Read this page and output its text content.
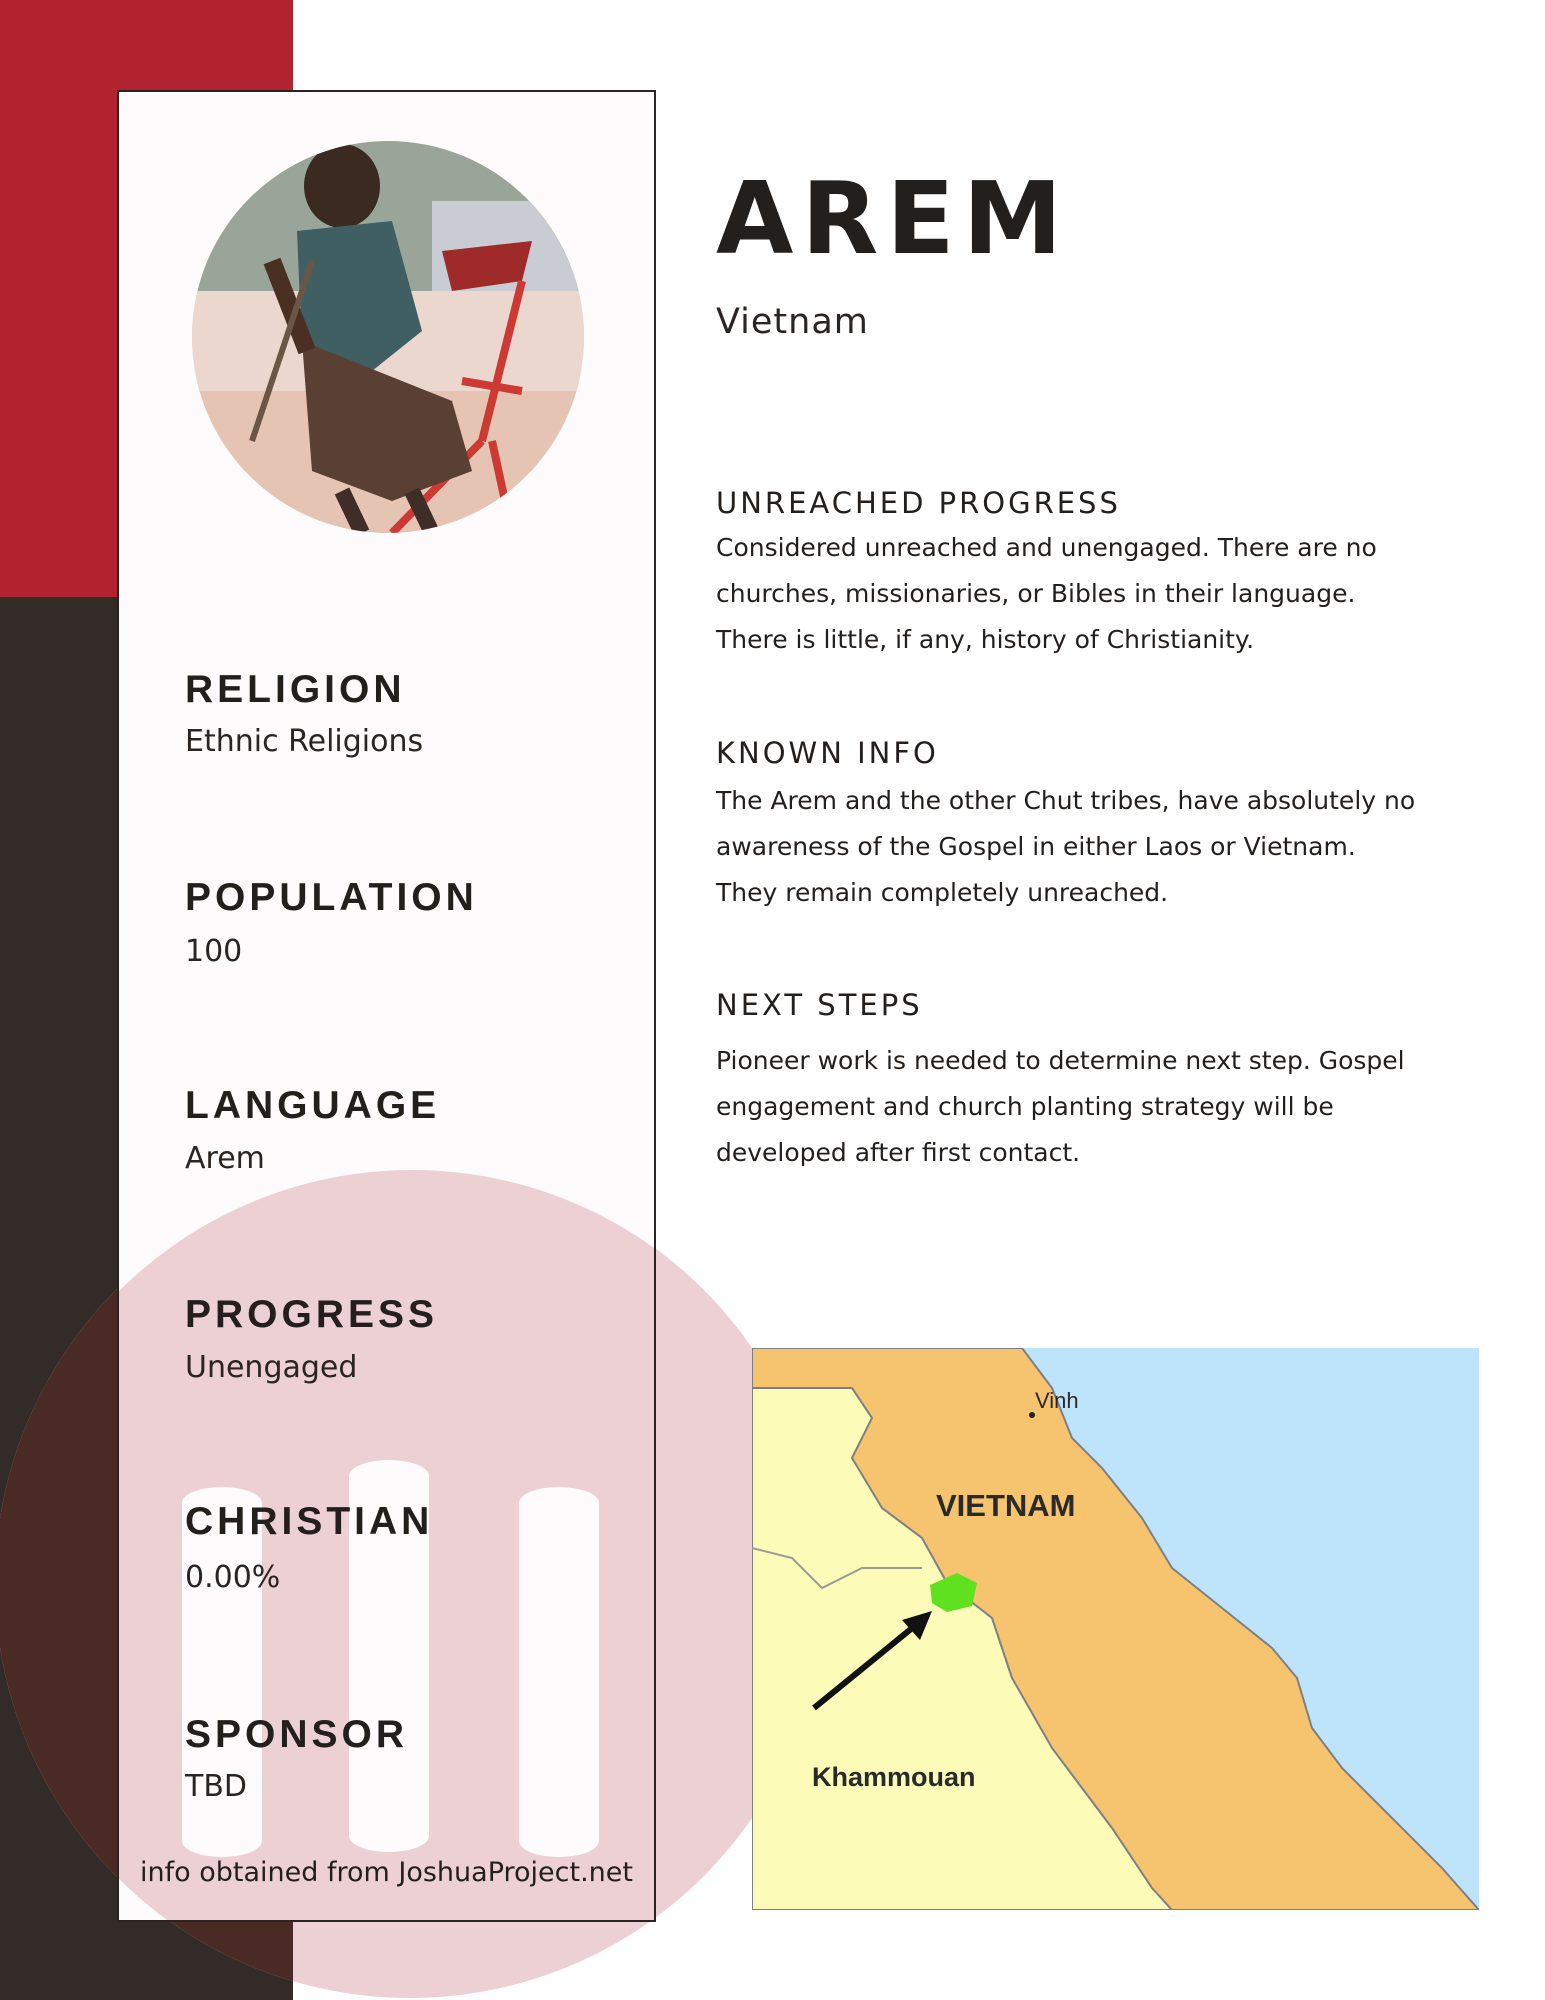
RELIGION
Ethnic Religions
POPULATION
100
LANGUAGE
Arem
PROGRESS
Unengaged
CHRISTIAN
0.00%
SPONSOR
TBD
info obtained from JoshuaProject.net
AREM
Vietnam
UNREACHED PROGRESS
Considered unreached and unengaged. There are no
churches, missionaries, or Bibles in their language.
There is little, if any, history of Christianity.
KNOWN INFO
The Arem and the other Chut tribes, have absolutely no
awareness of the Gospel in either Laos or Vietnam.
They remain completely unreached.
NEXT STEPS
Pioneer work is needed to determine next step. Gospel
engagement and church planting strategy will be
developed after first contact.
Vinh
VIETNAM
Khammouan
